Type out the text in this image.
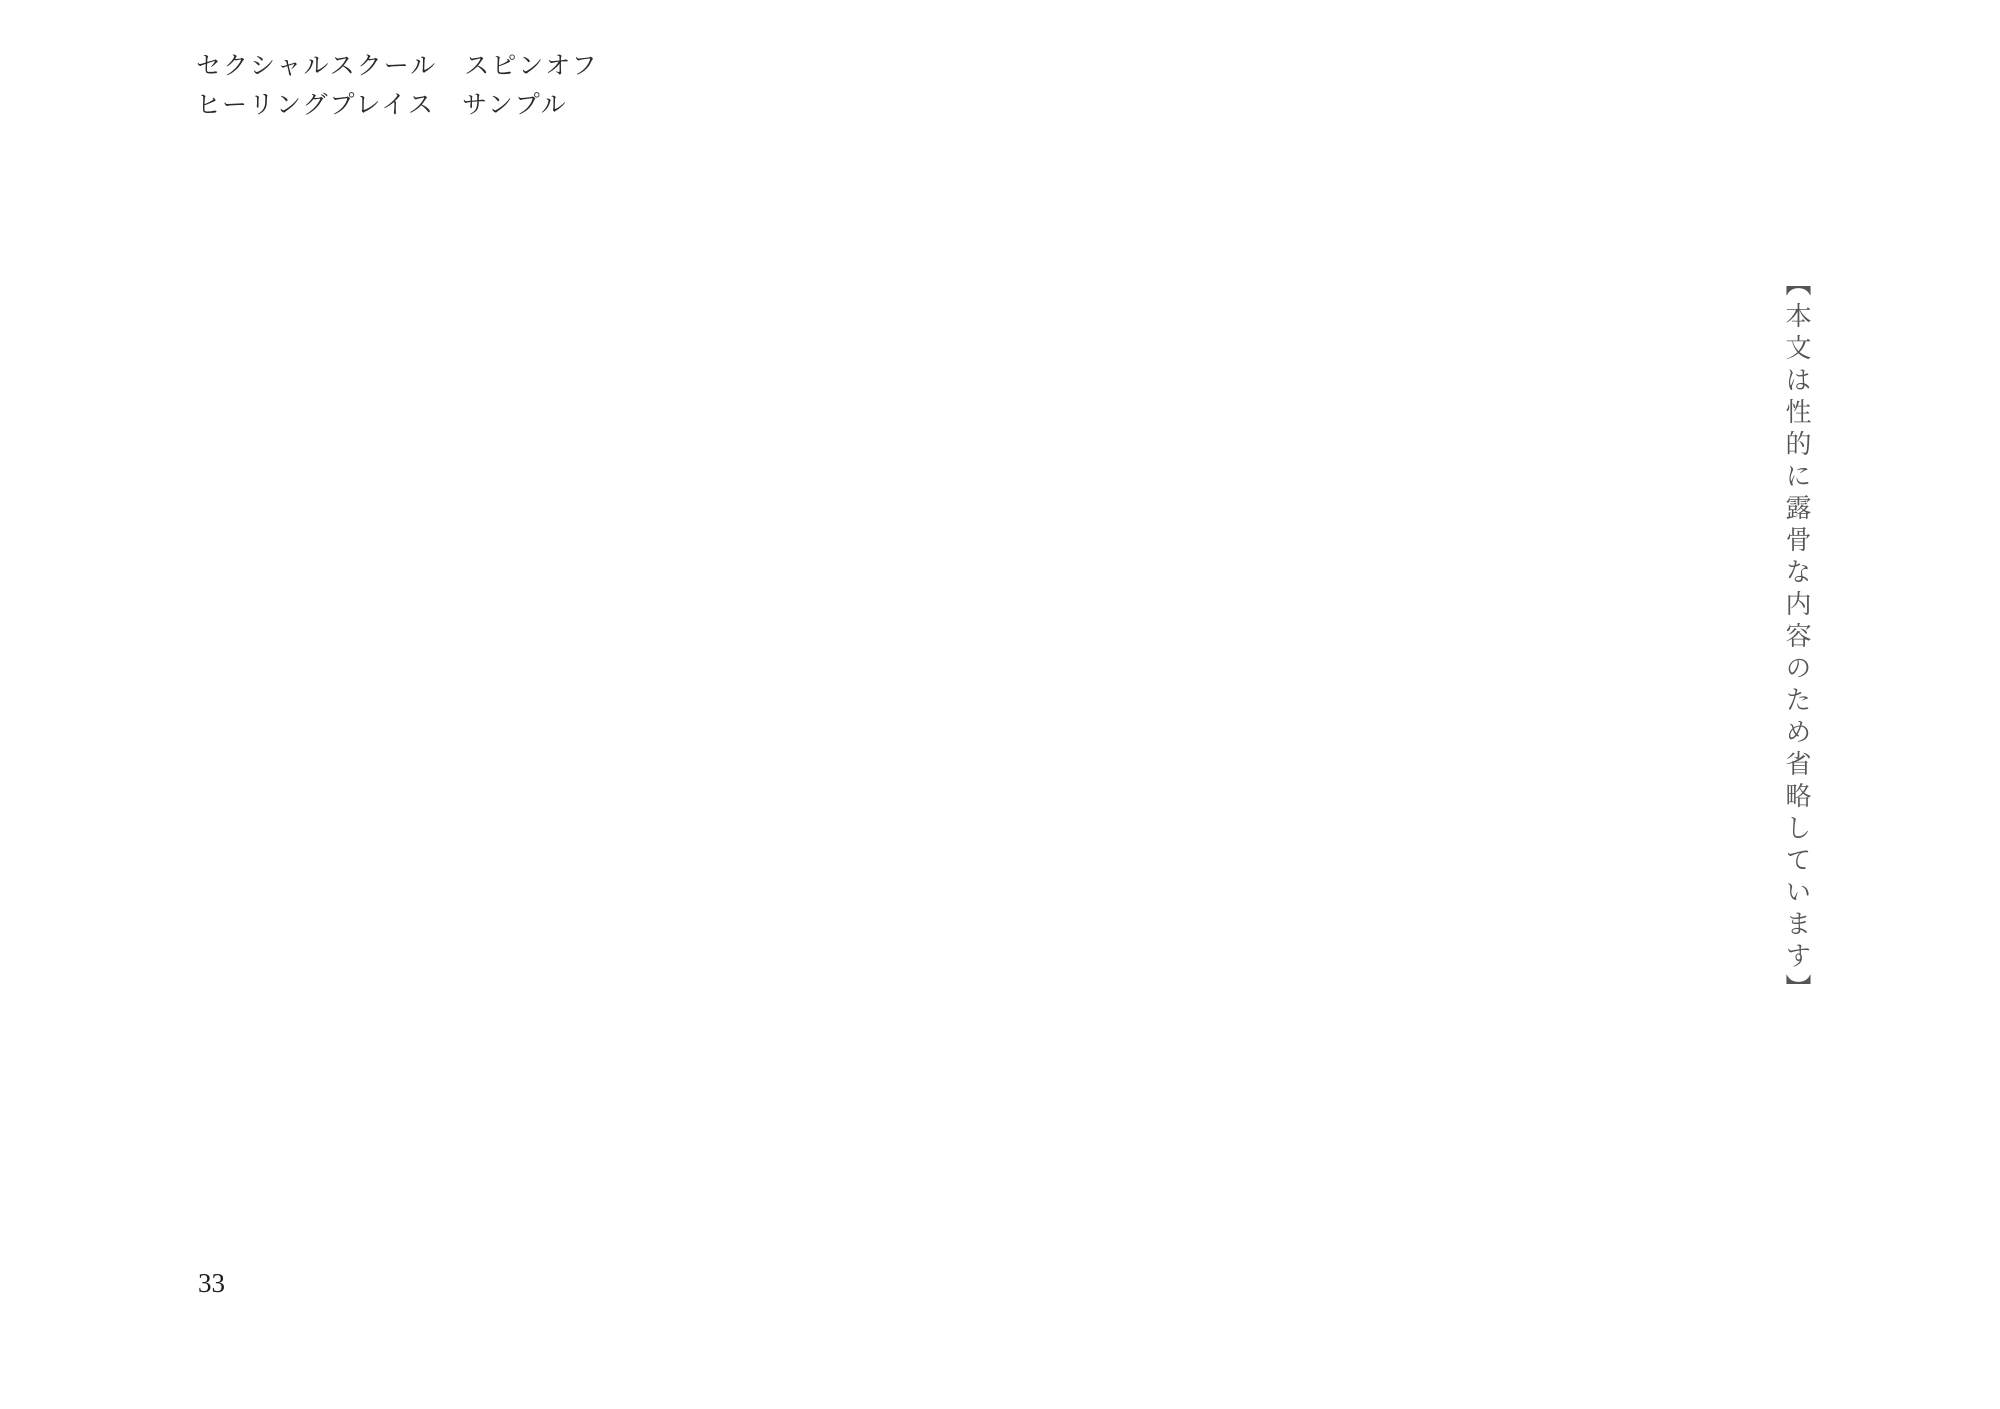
セクシャルスクール　スピンオフ
ヒーリングプレイス　サンプル
【本文は性的に露骨な内容のため省略しています】
33
